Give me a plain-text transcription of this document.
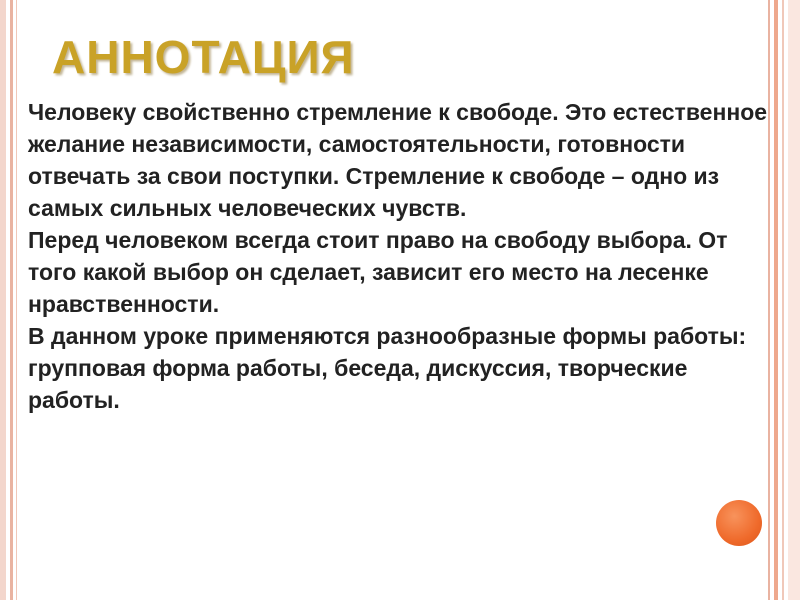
АННОТАЦИЯ

Человеку свойственно стремление к свободе. Это естественное желание независимости, самостоятельности, готовности отвечать за свои поступки. Стремление к свободе – одно из самых сильных человеческих чувств.

Перед человеком всегда стоит право на свободу выбора. От того какой выбор он сделает, зависит его место на лесенке нравственности.

В данном уроке применяются разнообразные формы работы: групповая форма работы, беседа, дискуссия, творческие работы.
